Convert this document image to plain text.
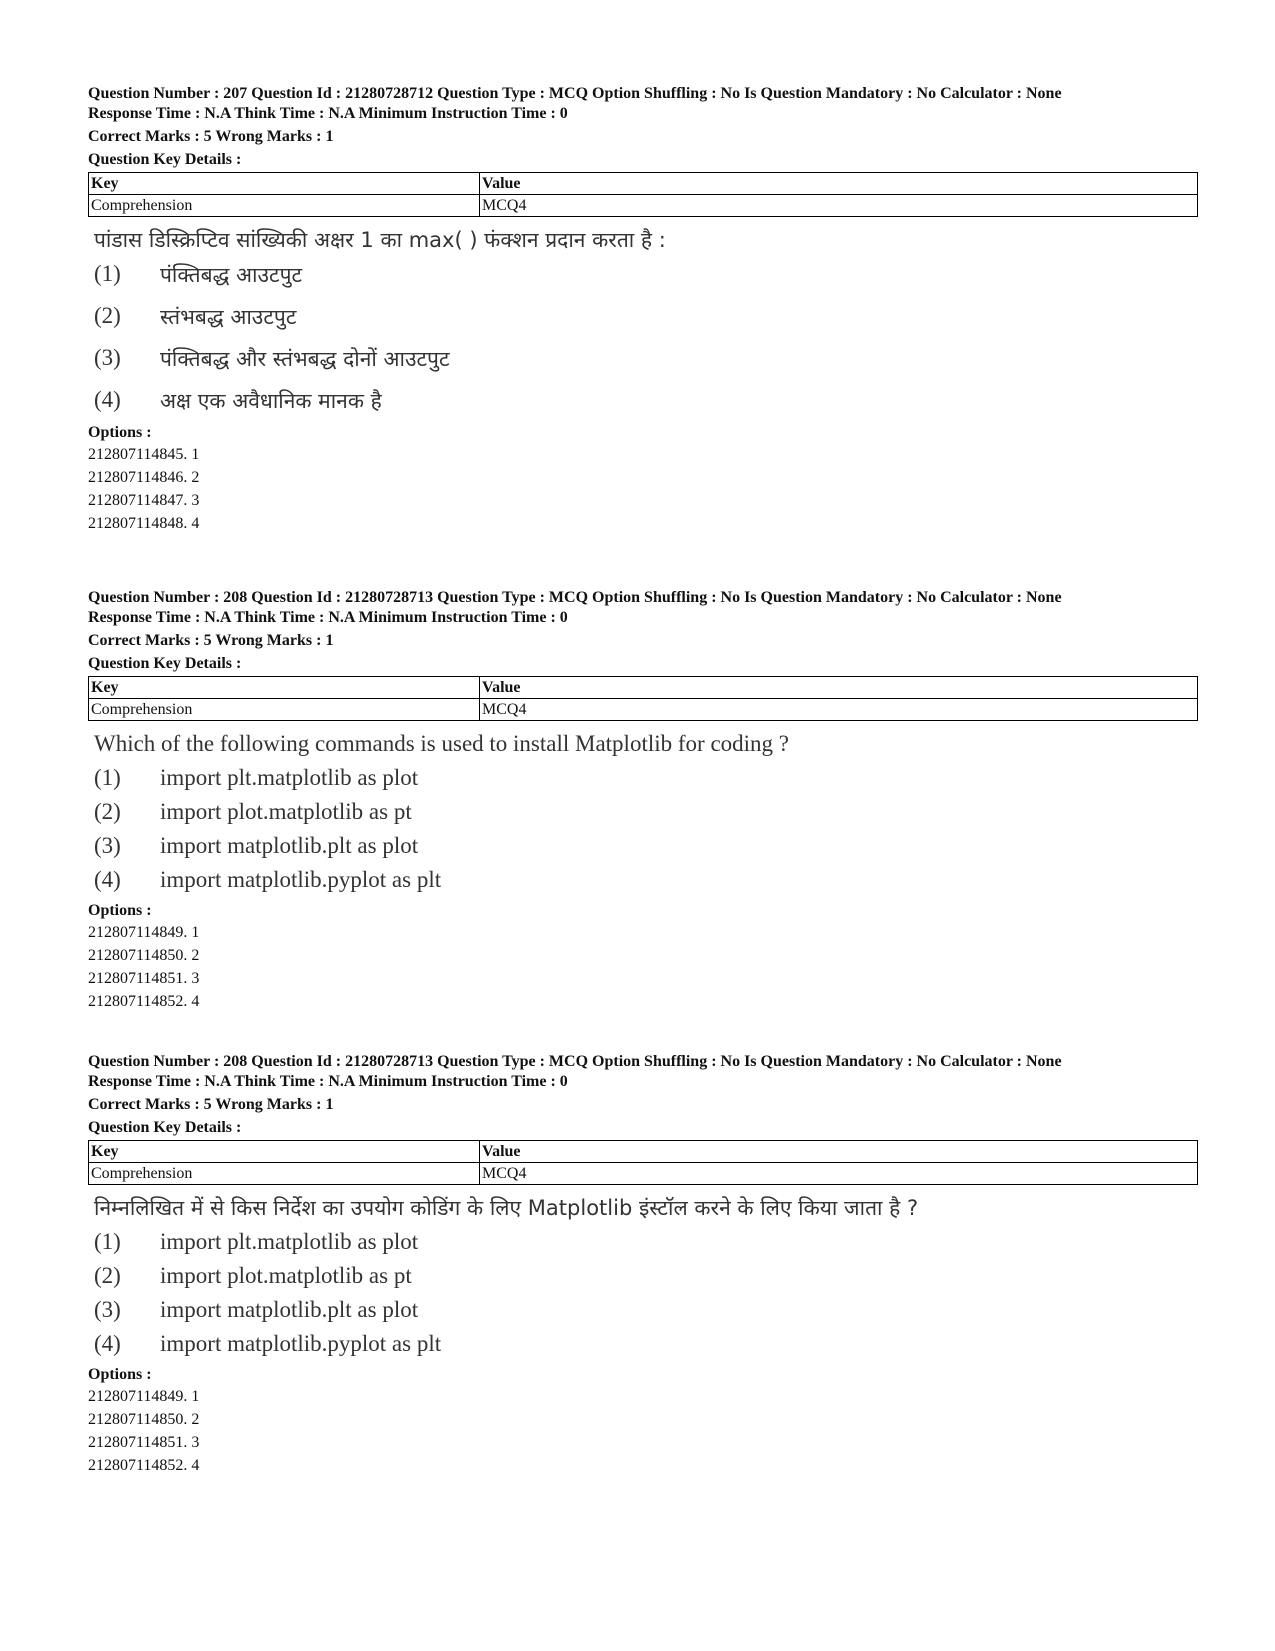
Question Number : 207 Question Id : 21280728712 Question Type : MCQ Option Shuffling : No Is Question Mandatory : No Calculator : None
Response Time : N.A Think Time : N.A Minimum Instruction Time : 0
Correct Marks : 5 Wrong Marks : 1
Question Key Details :
Key	Value
Comprehension	MCQ4
पांडास डिस्क्रिप्टिव सांख्यिकी अक्षर 1 का max( ) फंक्शन प्रदान करता है :
(1)	पंक्तिबद्ध आउटपुट
(2)	स्तंभबद्ध आउटपुट
(3)	पंक्तिबद्ध और स्तंभबद्ध दोनों आउटपुट
(4)	अक्ष एक अवैधानिक मानक है
Options :
212807114845. 1
212807114846. 2
212807114847. 3
212807114848. 4
Question Number : 208 Question Id : 21280728713 Question Type : MCQ Option Shuffling : No Is Question Mandatory : No Calculator : None
Response Time : N.A Think Time : N.A Minimum Instruction Time : 0
Correct Marks : 5 Wrong Marks : 1
Question Key Details :
Key	Value
Comprehension	MCQ4
Which of the following commands is used to install Matplotlib for coding ?
(1)	import plt.matplotlib as plot
(2)	import plot.matplotlib as pt
(3)	import matplotlib.plt as plot
(4)	import matplotlib.pyplot as plt
Options :
212807114849. 1
212807114850. 2
212807114851. 3
212807114852. 4
Question Number : 208 Question Id : 21280728713 Question Type : MCQ Option Shuffling : No Is Question Mandatory : No Calculator : None
Response Time : N.A Think Time : N.A Minimum Instruction Time : 0
Correct Marks : 5 Wrong Marks : 1
Question Key Details :
Key	Value
Comprehension	MCQ4
निम्नलिखित में से किस निर्देश का उपयोग कोडिंग के लिए Matplotlib इंस्टॉल करने के लिए किया जाता है ?
(1)	import plt.matplotlib as plot
(2)	import plot.matplotlib as pt
(3)	import matplotlib.plt as plot
(4)	import matplotlib.pyplot as plt
Options :
212807114849. 1
212807114850. 2
212807114851. 3
212807114852. 4
